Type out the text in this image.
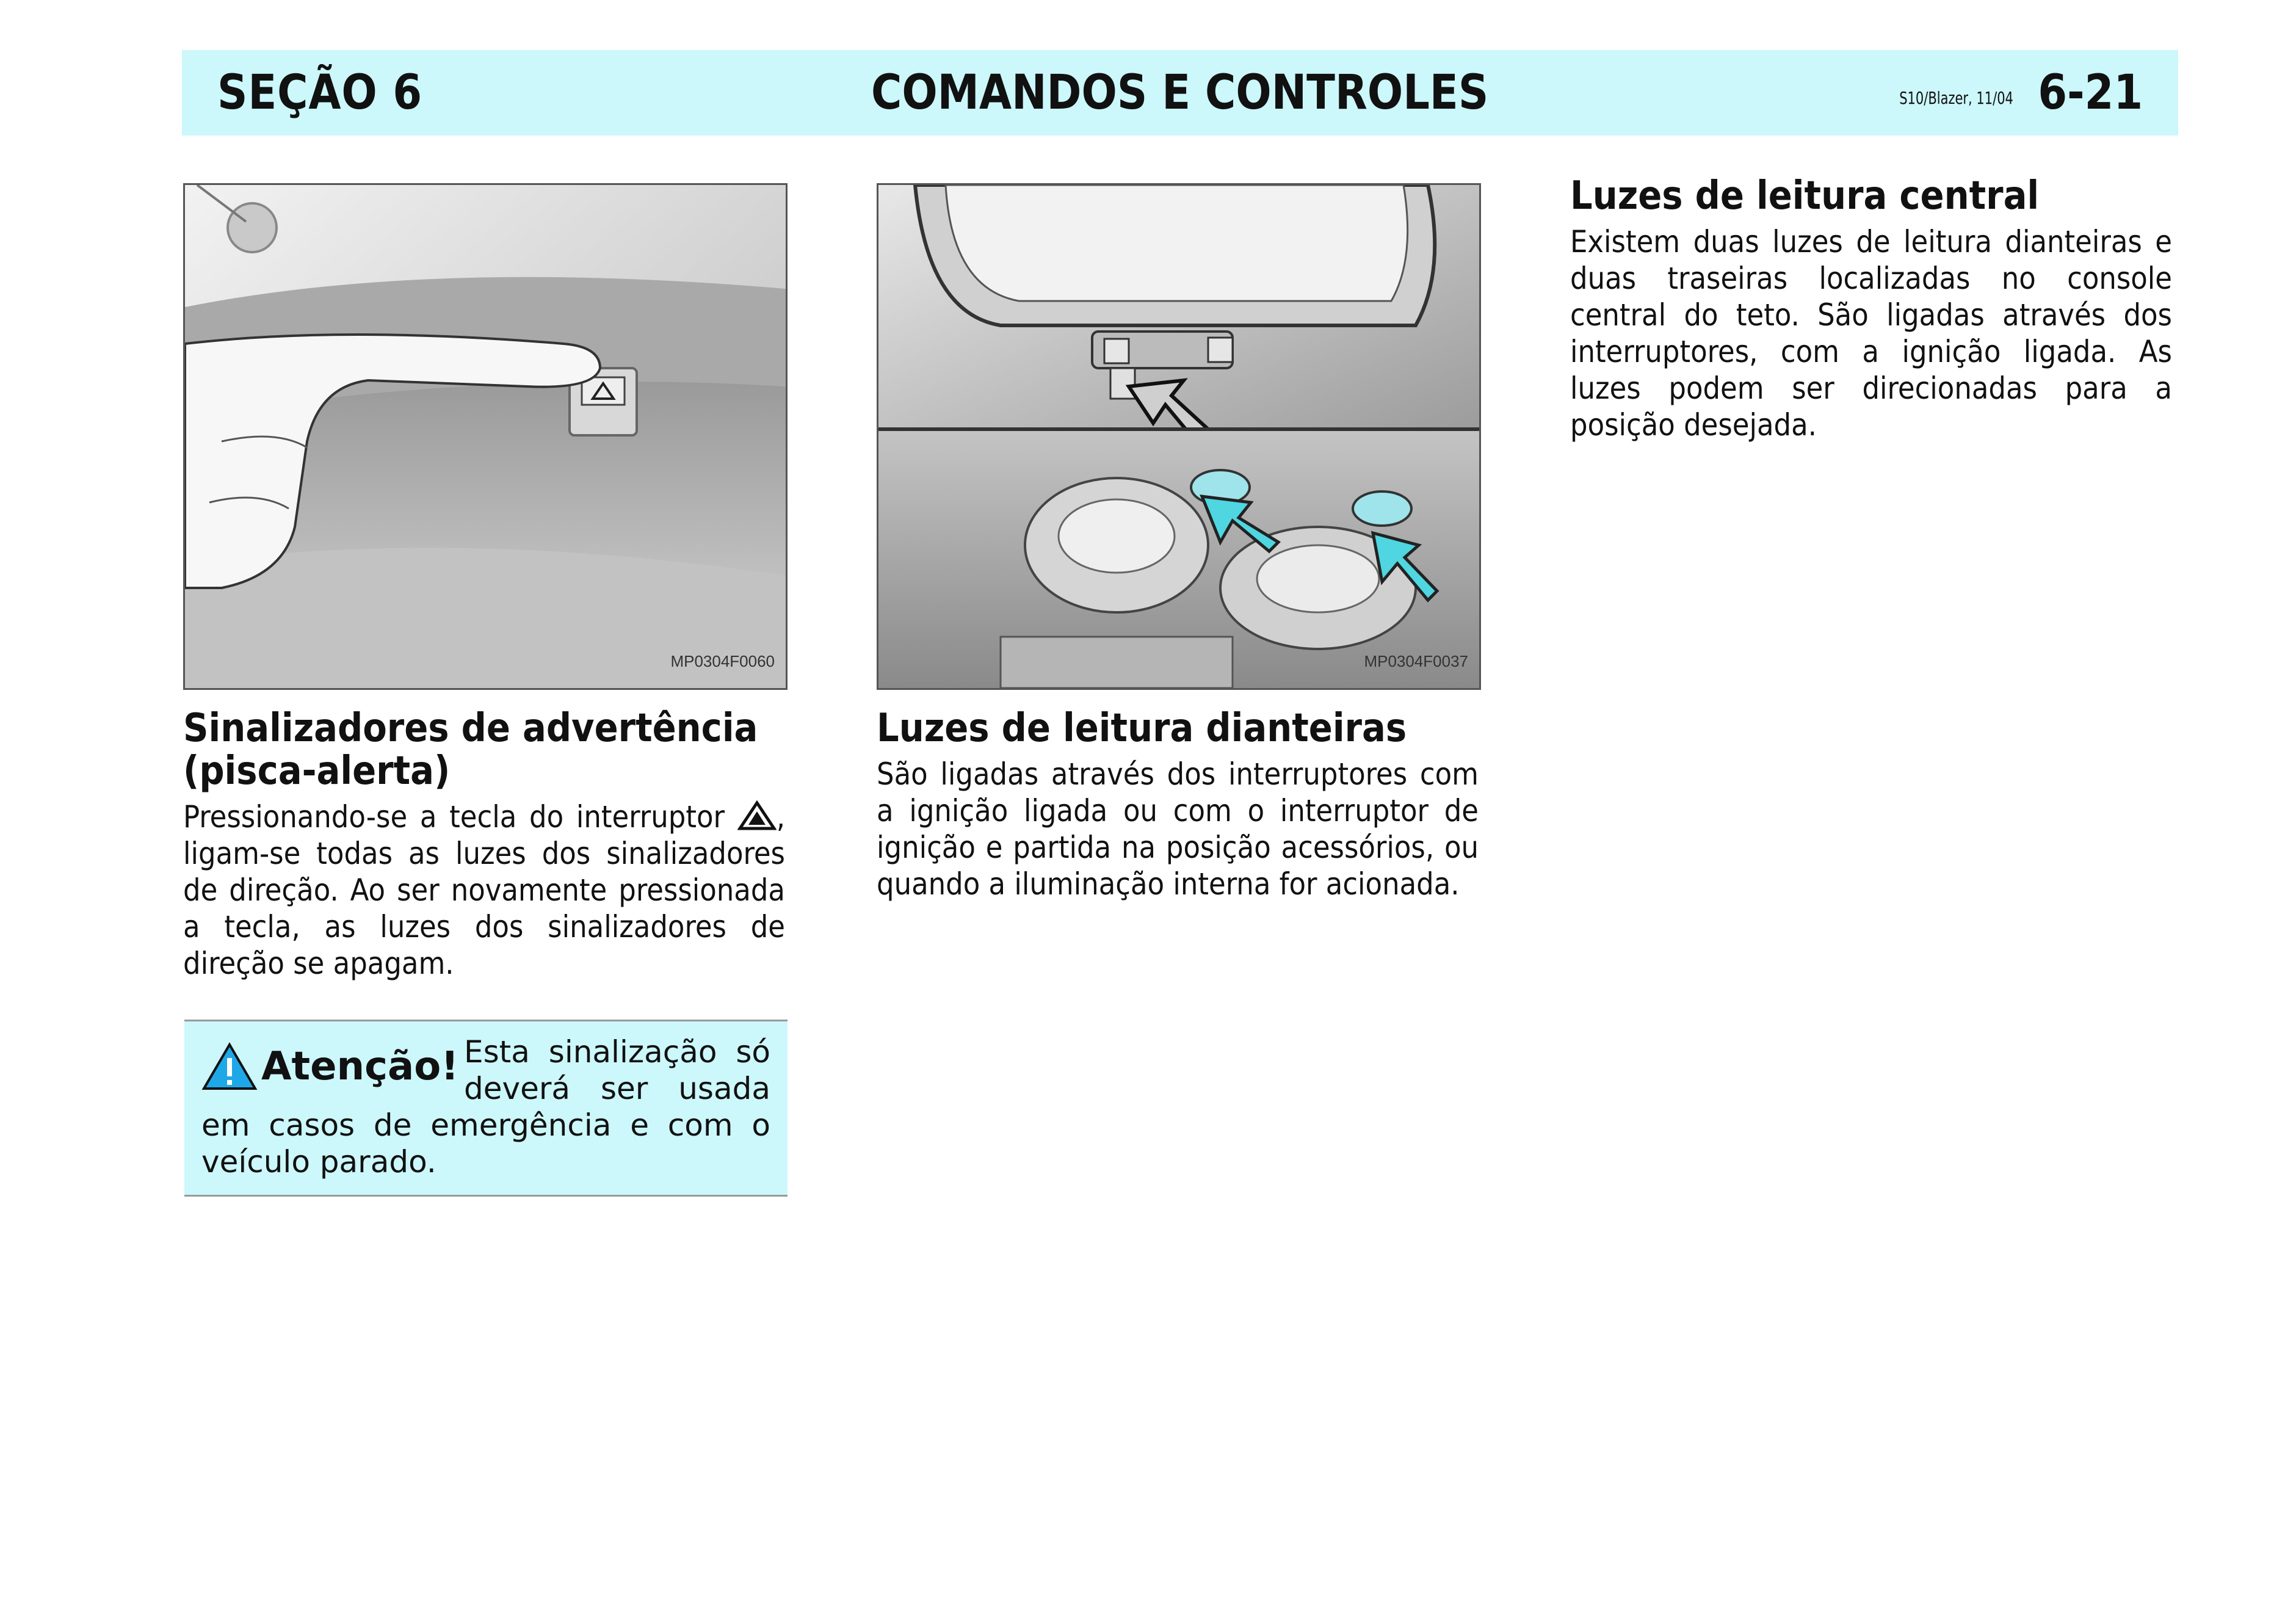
SEÇÃO 6	COMANDOS E CONTROLES	S10/Blazer, 11/04 6-21
MP0304F0060	MP0304F0037
Sinalizadores de advertência (pisca-alerta)

Pressionando-se a tecla do interruptor , ligam-se todas as luzes dos sinalizadores de direção. Ao ser novamente pressionada a tecla, as luzes dos sinalizadores de direção se apagam.

Atenção! Esta sinalização só deverá ser usada em casos de emergência e com o veículo parado.
Luzes de leitura dianteiras

São ligadas através dos interruptores com a ignição ligada ou com o interruptor de ignição e partida na posição acessórios, ou quando a iluminação interna for acionada.

Luzes de leitura central

Existem duas luzes de leitura dianteiras e duas traseiras localizadas no console central do teto. São ligadas através dos interruptores, com a ignição ligada. As luzes podem ser direcionadas para a posição desejada.
